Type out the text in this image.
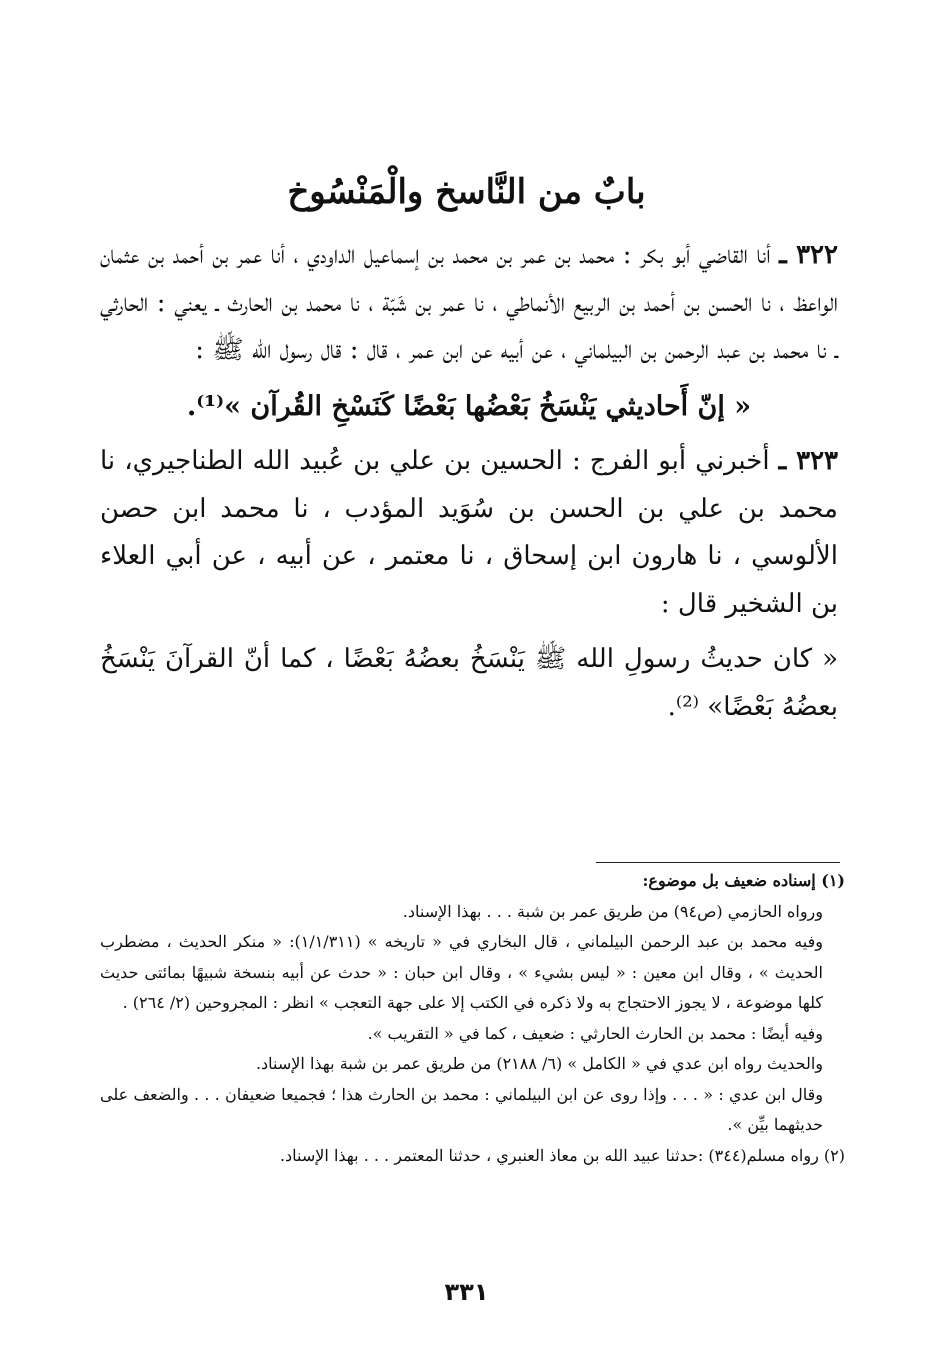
بابٌ من النَّاسخ والْمَنْسُوخ

٣٢٢ ـ أنا القاضي أبو بكر : محمد بن عمر بن محمد بن إسماعيل الداودي ، أنا عمر بن أحمد بن عثمان الواعظ ، نا الحسن بن أحمد بن الربيع الأنماطي ، نا عمر بن شَبّة ، نا محمد بن الحارث ـ يعني : الحارثي ـ نا محمد بن عبد الرحمن بن البيلماني ، عن أبيه عن ابن عمر ، قال : قال رسول الله ﷺ :

« إنّ أَحاديثي يَنْسَخُ بَعْضُها بَعْضًا كَنَسْخِ القُرآن »⁽¹⁾.

٣٢٣ ـ أخبرني أبو الفرج : الحسين بن علي بن عُبيد الله الطناجيري، نا محمد بن علي بن الحسن بن سُوَيد المؤدب ، نا محمد ابن حصن الألوسي ، نا هارون ابن إسحاق ، نا معتمر ، عن أبيه ، عن أبي العلاء بن الشخير قال :

« كان حديثُ رسولِ الله ﷺ يَنْسَخُ بعضُهُ بَعْضًا ، كما أنّ القرآنَ يَنْسَخُ بعضُهُ بَعْضًا» ⁽²⁾.

(١) إسناده ضعيف بل موضوع:

ورواه الحازمي (ص٩٤) من طريق عمر بن شبة . . . بهذا الإسناد.

وفيه محمد بن عبد الرحمن البيلماني ، قال البخاري في « تاريخه » (١/١/٣١١): « منكر الحديث ، مضطرب الحديث » ، وقال ابن معين : « ليس بشيء » ، وقال ابن حبان : « حدث عن أبيه بنسخة شبيهًا بمائتى حديث كلها موضوعة ، لا يجوز الاحتجاج به ولا ذكره في الكتب إلا على جهة التعجب » انظر : المجروحين (٢/ ٢٦٤) .

وفيه أيضًا : محمد بن الحارث الحارثي : ضعيف ، كما في « التقريب ».

والحديث رواه ابن عدي في « الكامل » (٦/ ٢١٨٨) من طريق عمر بن شبة بهذا الإسناد.

وقال ابن عدي : « . . . وإذا روى عن ابن البيلماني : محمد بن الحارث هذا ؛ فجميعا ضعيفان . . . والضعف على حديثهما بيِّن ».

(٢) رواه مسلم(٣٤٤) :حدثنا عبيد الله بن معاذ العنبري ، حدثنا المعتمر . . . بهذا الإسناد.

٣٣١
